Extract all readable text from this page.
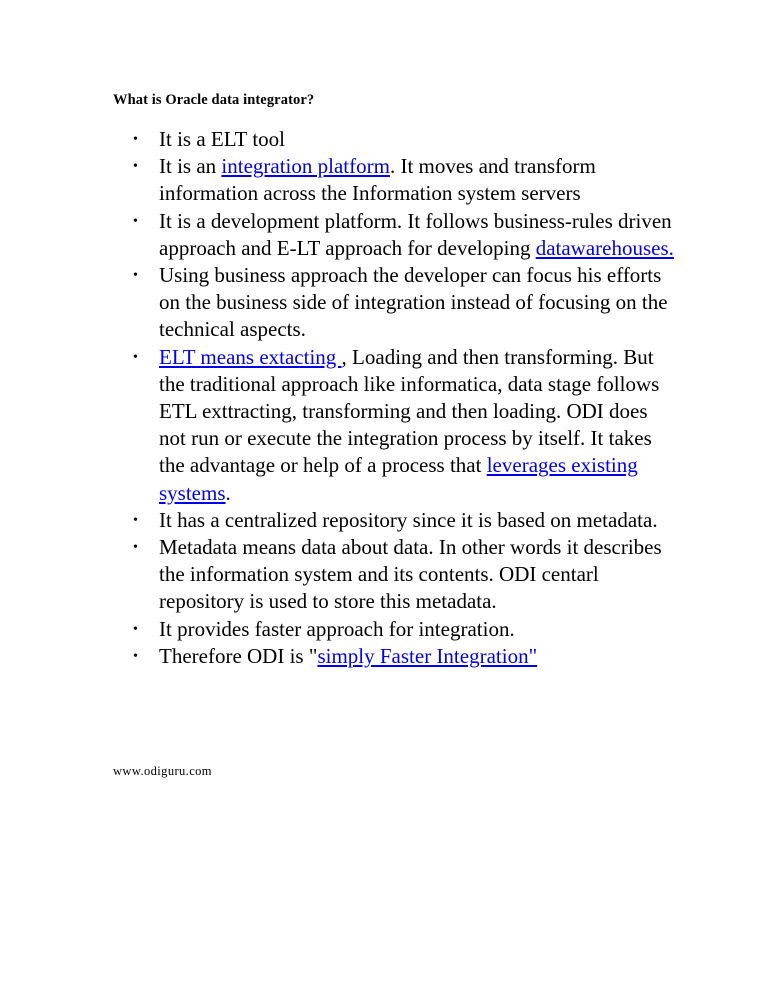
What is Oracle data integrator?

• It is a ELT tool
• It is an integration platform. It moves and transform information across the Information system servers
• It is a development platform. It follows business-rules driven approach and E-LT approach for developing datawarehouses.
• Using business approach the developer can focus his efforts on the business side of integration instead of focusing on the technical aspects.
• ELT means extacting , Loading and then transforming. But the traditional approach like informatica, data stage follows ETL exttracting, transforming and then loading. ODI does not run or execute the integration process by itself. It takes the advantage or help of a process that leverages existing systems.
• It has a centralized repository since it is based on metadata.
• Metadata means data about data. In other words it describes the information system and its contents. ODI centarl repository is used to store this metadata.
• It provides faster approach for integration.
• Therefore ODI is "simply Faster Integration"

www.odiguru.com
